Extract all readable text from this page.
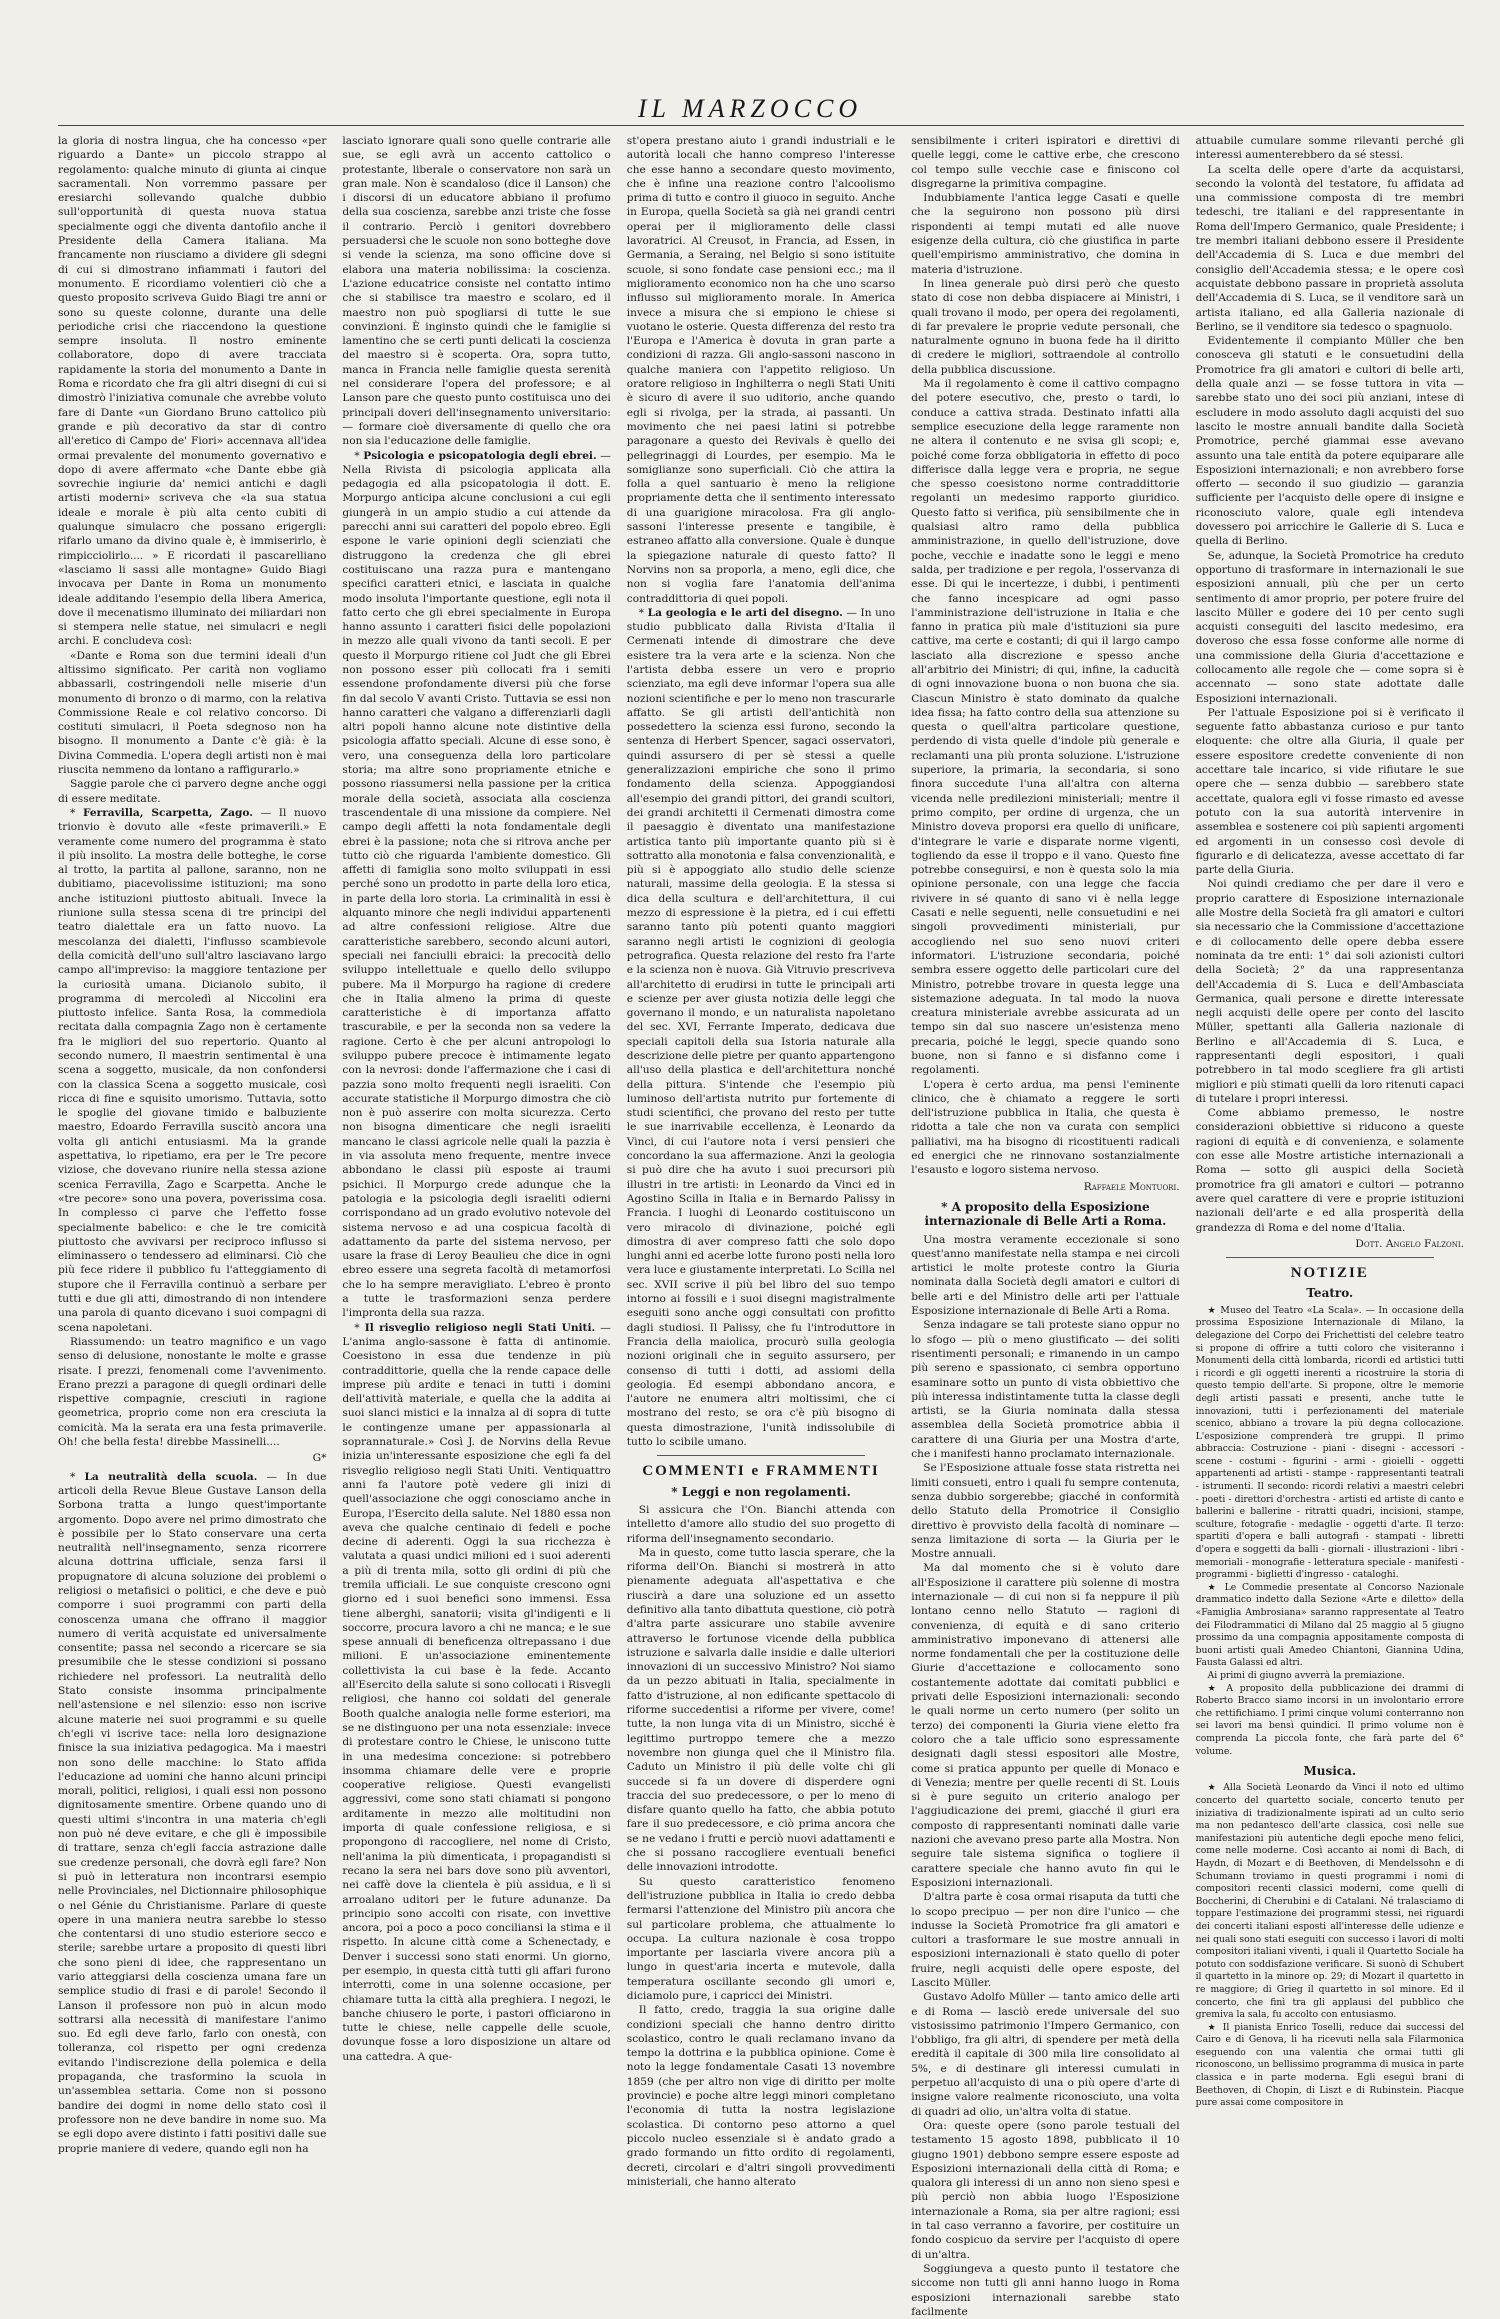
IL MARZOCCO

la gloria di nostra lingua, che ha concesso «per riguardo a Dante» un piccolo strappo al regolamento: qualche minuto di giunta ai cinque sacramentali. Non vorremmo passare per eresiarchi sollevando qualche dubbio sull'opportunità di questa nuova statua specialmente oggi che diventa dantofilo anche il Presidente della Camera italiana. Ma francamente non riusciamo a dividere gli sdegni di cui si dimostrano infiammati i fautori del monumento. E ricordiamo volentieri ciò che a questo proposito scriveva Guido Biagi tre anni or sono su queste colonne, durante una delle periodiche crisi che riaccendono la questione sempre insoluta. Il nostro eminente collaboratore, dopo di avere tracciata rapidamente la storia del monumento a Dante in Roma e ricordato che fra gli altri disegni di cui si dimostrò l'iniziativa comunale che avrebbe voluto fare di Dante «un Giordano Bruno cattolico più grande e più decorativo da star di contro all'eretico di Campo de' Fiori» accennava all'idea ormai prevalente del monumento governativo e dopo di avere affermato «che Dante ebbe già sovrechie ingiurie da' nemici antichi e dagli artisti moderni» scriveva che «la sua statua ideale e morale è più alta cento cubiti di qualunque simulacro che possano erigergli: rifarlo umano da divino quale è, è immiserirlo, è rimpicciolirlo.... » E ricordati il pascarelliano «lasciamo li sassi alle montagne» Guido Biagi invocava per Dante in Roma un monumento ideale additando l'esempio della libera America, dove il mecenatismo illuminato dei miliardari non si stempera nelle statue, nei simulacri e negli archi. E concludeva così:

«Dante e Roma son due termini ideali d'un altissimo significato. Per carità non vogliamo abbassarli, costringendoli nelle miserie d'un monumento di bronzo o di marmo, con la relativa Commissione Reale e col relativo concorso. Di costituti simulacri, il Poeta sdegnoso non ha bisogno. Il monumento a Dante c'è già: è la Divina Commedia. L'opera degli artisti non è mai riuscita nemmeno da lontano a raffigurarlo.»

Saggie parole che ci parvero degne anche oggi di essere meditate.

* Ferravilla, Scarpetta, Zago. — Il nuovo trionvio è dovuto alle «feste primaverili.» E veramente come numero del programma è stato il più insolito. La mostra delle botteghe, le corse al trotto, la partita al pallone, saranno, non ne dubitiamo, piacevolissime istituzioni; ma sono anche istituzioni piuttosto abituali. Invece la riunione sulla stessa scena di tre principi del teatro dialettale era un fatto nuovo. La mescolanza dei dialetti, l'influsso scambievole della comicità dell'uno sull'altro lasciavano largo campo all'impreviso: la maggiore tentazione per la curiosità umana. Dicianolo subito, il programma di mercoledì al Niccolini era piuttosto infelice. Santa Rosa, la commediola recitata dalla compagnia Zago non è certamente fra le migliori del suo repertorio. Quanto al secondo numero, Il maestrin sentimental è una scena a soggetto, musicale, da non confondersi con la classica Scena a soggetto musicale, così ricca di fine e squisito umorismo. Tuttavia, sotto le spoglie del giovane timido e balbuziente maestro, Edoardo Ferravilla suscitò ancora una volta gli antichi entusiasmi. Ma la grande aspettativa, lo ripetiamo, era per le Tre pecore viziose, che dovevano riunire nella stessa azione scenica Ferravilla, Zago e Scarpetta. Anche le «tre pecore» sono una povera, poverissima cosa. In complesso ci parve che l'effetto fosse specialmente babelico: e che le tre comicità piuttosto che avvivarsi per reciproco influsso si eliminassero o tendessero ad eliminarsi. Ciò che più fece ridere il pubblico fu l'atteggiamento di stupore che il Ferravilla continuò a serbare per tutti e due gli atti, dimostrando di non intendere una parola di quanto dicevano i suoi compagni di scena napoletani.

Riassumendo: un teatro magnifico e un vago senso di delusione, nonostante le molte e grasse risate. I prezzi, fenomenali come l'avvenimento. Erano prezzi a paragone di quegli ordinari delle rispettive compagnie, cresciuti in ragione geometrica, proprio come non era cresciuta la comicità. Ma la serata era una festa primaverile. Oh! che bella festa! direbbe Massinelli....

G*

* La neutralità della scuola. — In due articoli della Revue Bleue Gustave Lanson della Sorbona tratta a lungo quest'importante argomento. Dopo avere nel primo dimostrato che è possibile per lo Stato conservare una certa neutralità nell'insegnamento, senza ricorrere alcuna dottrina ufficiale, senza farsi il propugnatore di alcuna soluzione dei problemi o religiosi o metafisici o politici, e che deve e può comporre i suoi programmi con parti della conoscenza umana che offrano il maggior numero di verità acquistate ed universalmente consentite; passa nel secondo a ricercare se sia presumibile che le stesse condizioni si possano richiedere nel professori. La neutralità dello Stato consiste insomma principalmente nell'astensione e nel silenzio: esso non iscrive alcune materie nei suoi programmi e su quelle ch'egli vi iscrive tace: nella loro designazione finisce la sua iniziativa pedagogica. Ma i maestri non sono delle macchine: lo Stato affida l'educazione ad uomini che hanno alcuni principi morali, politici, religiosi, i quali essi non possono dignitosamente smentire. Orbene quando uno di questi ultimi s'incontra in una materia ch'egli non può né deve evitare, e che gli è impossibile di trattare, senza ch'egli faccia astrazione dalle sue credenze personali, che dovrà egli fare? Non si può in letteratura non incontrarsi esempio nelle Provinciales, nel Dictionnaire philosophique o nel Génie du Christianisme. Parlare di queste opere in una maniera neutra sarebbe lo stesso che contentarsi di uno studio esteriore secco e sterile; sarebbe urtare a proposito di questi libri che sono pieni di idee, che rappresentano un vario atteggiarsi della coscienza umana fare un semplice studio di frasi e di parole! Secondo il Lanson il professore non può in alcun modo sottrarsi alla necessità di manifestare l'animo suo. Ed egli deve farlo, farlo con onestà, con tolleranza, col rispetto per ogni credenza evitando l'indiscrezione della polemica e della propaganda, che trasformino la scuola in un'assemblea settaria. Come non si possono bandire dei dogmi in nome dello stato così il professore non ne deve bandire in nome suo. Ma se egli dopo avere distinto i fatti positivi dalle sue proprie maniere di vedere, quando egli non ha

lasciato ignorare quali sono quelle contrarie alle sue, se egli avrà un accento cattolico o protestante, liberale o conservatore non sarà un gran male. Non è scandaloso (dice il Lanson) che i discorsi di un educatore abbiano il profumo della sua coscienza, sarebbe anzi triste che fosse il contrario. Perciò i genitori dovrebbero persuadersi che le scuole non sono botteghe dove si vende la scienza, ma sono officine dove si elabora una materia nobilissima: la coscienza. L'azione educatrice consiste nel contatto intimo che si stabilisce tra maestro e scolaro, ed il maestro non può spogliarsi di tutte le sue convinzioni. È inginsto quindi che le famiglie si lamentino che se certi punti delicati la coscienza del maestro si è scoperta. Ora, sopra tutto, manca in Francia nelle famiglie questa serenità nel considerare l'opera del professore; e al Lanson pare che questo punto costituisca uno dei principali doveri dell'insegnamento universitario: — formare cioè diversamente di quello che ora non sia l'educazione delle famiglie.

* Psicologia e psicopatologia degli ebrei. — Nella Rivista di psicologia applicata alla pedagogia ed alla psicopatologia il dott. E. Morpurgo anticipa alcune conclusioni a cui egli giungerà in un ampio studio a cui attende da parecchi anni sui caratteri del popolo ebreo. Egli espone le varie opinioni degli scienziati che distruggono la credenza che gli ebrei costituiscano una razza pura e mantengano specifici caratteri etnici, e lasciata in qualche modo insoluta l'importante questione, egli nota il fatto certo che gli ebrei specialmente in Europa hanno assunto i caratteri fisici delle popolazioni in mezzo alle quali vivono da tanti secoli. E per questo il Morpurgo ritiene col Judt che gli Ebrei non possono esser più collocati fra i semiti essendone profondamente diversi più che forse fin dal secolo V avanti Cristo. Tuttavia se essi non hanno caratteri che valgano a differenziarli dagli altri popoli hanno alcune note distintive della psicologia affatto speciali. Alcune di esse sono, è vero, una conseguenza della loro particolare storia; ma altre sono propriamente etniche e possono riassumersi nella passione per la critica morale della società, associata alla coscienza trascendentale di una missione da compiere. Nel campo degli affetti la nota fondamentale degli ebrei è la passione; nota che si ritrova anche per tutto ciò che riguarda l'ambiente domestico. Gli affetti di famiglia sono molto sviluppati in essi perché sono un prodotto in parte della loro etica, in parte della loro storia. La criminalità in essi è alquanto minore che negli individui appartenenti ad altre confessioni religiose. Altre due caratteristiche sarebbero, secondo alcuni autori, speciali nei fanciulli ebraici: la precocità dello sviluppo intellettuale e quello dello sviluppo pubere. Ma il Morpurgo ha ragione di credere che in Italia almeno la prima di queste caratteristiche è di importanza affatto trascurabile, e per la seconda non sa vedere la ragione. Certo è che per alcuni antropologi lo sviluppo pubere precoce è intimamente legato con la nevrosi: donde l'affermazione che i casi di pazzia sono molto frequenti negli israeliti. Con accurate statistiche il Morpurgo dimostra che ciò non è può asserire con molta sicurezza. Certo non bisogna dimenticare che negli israeliti mancano le classi agricole nelle quali la pazzia è in via assoluta meno frequente, mentre invece abbondano le classi più esposte ai traumi psichici. Il Morpurgo crede adunque che la patologia e la psicologia degli israeliti odierni corrispondano ad un grado evolutivo notevole del sistema nervoso e ad una cospicua facoltà di adattamento da parte del sistema nervoso, per usare la frase di Leroy Beaulieu che dice in ogni ebreo essere una segreta facoltà di metamorfosi che lo ha sempre meravigliato. L'ebreo è pronto a tutte le trasformazioni senza perdere l'impronta della sua razza.

* Il risveglio religioso negli Stati Uniti. — L'anima anglo-sassone è fatta di antinomie. Coesistono in essa due tendenze in più contraddittorie, quella che la rende capace delle imprese più ardite e tenaci in tutti i domini dell'attività materiale, e quella che la addita ai suoi slanci mistici e la innalza al di sopra di tutte le contingenze umane per appassionarla al soprannaturale.» Così J. de Norvins della Revue inizia un'interessante esposizione che egli fa del risveglio religioso negli Stati Uniti. Ventiquattro anni fa l'autore potè vedere gli inizi di quell'associazione che oggi conosciamo anche in Europa, l'Esercito della salute. Nel 1880 essa non aveva che qualche centinaio di fedeli e poche decine di aderenti. Oggi la sua ricchezza è valutata a quasi undici milioni ed i suoi aderenti a più di trenta mila, sotto gli ordini di più che tremila ufficiali. Le sue conquiste crescono ogni giorno ed i suoi benefici sono immensi. Essa tiene alberghi, sanatorii; visita gl'indigenti e li soccorre, procura lavoro a chi ne manca; e le sue spese annuali di beneficenza oltrepassano i due milioni. E un'associazione eminentemente collettivista la cui base è la fede. Accanto all'Esercito della salute si sono collocati i Risvegli religiosi, che hanno coi soldati del generale Booth qualche analogia nelle forme esteriori, ma se ne distinguono per una nota essenziale: invece di protestare contro le Chiese, le uniscono tutte in una medesima concezione: si potrebbero insomma chiamare delle vere e proprie cooperative religiose. Questi evangelisti aggressivi, come sono stati chiamati si pongono arditamente in mezzo alle moltitudini non importa di quale confessione religiosa, e si propongono di raccogliere, nel nome di Cristo, nell'anima la più dimenticata, i propagandisti si recano la sera nei bars dove sono più avventori, nei caffè dove la clientela è più assidua, e lì si arroalano uditori per le future adunanze. Da principio sono accolti con risate, con invettive ancora, poi a poco a poco conciliansi la stima e il rispetto. In alcune città come a Schenectady, e Denver i successi sono stati enormi. Un giorno, per esempio, in questa città tutti gli affari furono interrotti, come in una solenne occasione, per chiamare tutta la città alla preghiera. I negozi, le banche chiusero le porte, i pastori officiarono in tutte le chiese, nelle cappelle delle scuole, dovunque fosse a loro disposizione un altare od una cattedra. A que-

st'opera prestano aiuto i grandi industriali e le autorità locali che hanno compreso l'interesse che esse hanno a secondare questo movimento, che è infine una reazione contro l'alcoolismo prima di tutto e contro il giuoco in seguito. Anche in Europa, quella Società sa già nei grandi centri operai per il miglioramento delle classi lavoratrici. Al Creusot, in Francia, ad Essen, in Germania, a Seraing, nel Belgio si sono istituite scuole, si sono fondate case pensioni ecc.; ma il miglioramento economico non ha che uno scarso influsso sul miglioramento morale. In America invece a misura che si empiono le chiese si vuotano le osterie. Questa differenza del resto tra l'Europa e l'America è dovuta in gran parte a condizioni di razza. Gli anglo-sassoni nascono in qualche maniera con l'appetito religioso. Un oratore religioso in Inghilterra o negli Stati Uniti è sicuro di avere il suo uditorio, anche quando egli si rivolga, per la strada, ai passanti. Un movimento che nei paesi latini si potrebbe paragonare a questo dei Revivals è quello dei pellegrinaggi di Lourdes, per esempio. Ma le somiglianze sono superficiali. Ciò che attira la folla a quel santuario è meno la religione propriamente detta che il sentimento interessato di una guarigione miracolosa. Fra gli anglo-sassoni l'interesse presente e tangibile, è estraneo affatto alla conversione. Quale è dunque la spiegazione naturale di questo fatto? Il Norvins non sa proporla, a meno, egli dice, che non si voglia fare l'anatomia dell'anima contraddittoria di quei popoli.

* La geologia e le arti del disegno. — In uno studio pubblicato dalla Rivista d'Italia il Cermenati intende di dimostrare che deve esistere tra la vera arte e la scienza. Non che l'artista debba essere un vero e proprio scienziato, ma egli deve informar l'opera sua alle nozioni scientifiche e per lo meno non trascurarle affatto. Se gli artisti dell'antichità non possedettero la scienza essi furono, secondo la sentenza di Herbert Spencer, sagaci osservatori, quindi assursero di per sè stessi a quelle generalizzazioni empiriche che sono il primo fondamento della scienza. Appoggiandosi all'esempio dei grandi pittori, dei grandi scultori, dei grandi architetti il Cermenati dimostra come il paesaggio è diventato una manifestazione artistica tanto più importante quanto più si è sottratto alla monotonia e falsa convenzionalità, e più si è appoggiato allo studio delle scienze naturali, massime della geologia. E la stessa si dica della scultura e dell'architettura, il cui mezzo di espressione è la pietra, ed i cui effetti saranno tanto più potenti quanto maggiori saranno negli artisti le cognizioni di geologia petrografica. Questa relazione del resto fra l'arte e la scienza non è nuova. Già Vitruvio prescriveva all'architetto di erudirsi in tutte le principali arti e scienze per aver giusta notizia delle leggi che governano il mondo, e un naturalista napoletano del sec. XVI, Ferrante Imperato, dedicava due speciali capitoli della sua Istoria naturale alla descrizione delle pietre per quanto appartengono all'uso della plastica e dell'architettura nonché della pittura. S'intende che l'esempio più luminoso dell'artista nutrito pur fortemente di studi scientifici, che provano del resto per tutte le sue inarrivabile eccellenza, è Leonardo da Vinci, di cui l'autore nota i versi pensieri che concordano la sua affermazione. Anzi la geologia si può dire che ha avuto i suoi precursori più illustri in tre artisti: in Leonardo da Vinci ed in Agostino Scilla in Italia e in Bernardo Palissy in Francia. I luoghi di Leonardo costituiscono un vero miracolo di divinazione, poiché egli dimostra di aver compreso fatti che solo dopo lunghi anni ed acerbe lotte furono posti nella loro vera luce e giustamente interpretati. Lo Scilla nel sec. XVII scrive il più bel libro del suo tempo intorno ai fossili e i suoi disegni magistralmente eseguiti sono anche oggi consultati con profitto dagli studiosi. Il Palissy, che fu l'introduttore in Francia della maiolica, procurò sulla geologia nozioni originali che in seguito assursero, per consenso di tutti i dotti, ad assiomi della geologia. Ed esempi abbondano ancora, e l'autore ne enumera altri moltissimi, che ci mostrano del resto, se ora c'è più bisogno di questa dimostrazione, l'unità indissolubile di tutto lo scibile umano.

COMMENTI e FRAMMENTI
* Leggi e non regolamenti.

Si assicura che l'On. Bianchi attenda con intelletto d'amore allo studio del suo progetto di riforma dell'insegnamento secondario.

Ma in questo, come tutto lascia sperare, che la riforma dell'On. Bianchi si mostrerà in atto pienamente adeguata all'aspettativa e che riuscirà a dare una soluzione ed un assetto definitivo alla tanto dibattuta questione, ciò potrà d'altra parte assicurare uno stabile avvenire attraverso le fortunose vicende della pubblica istruzione e salvarla dalle insidie e dalle ulteriori innovazioni di un successivo Ministro? Noi siamo da un pezzo abituati in Italia, specialmente in fatto d'istruzione, al non edificante spettacolo di riforme succedentisi a riforme per vivere, come! tutte, la non lunga vita di un Ministro, sicché è legittimo purtroppo temere che a mezzo novembre non giunga quel che il Ministro fila. Caduto un Ministro il più delle volte chi gli succede si fa un dovere di disperdere ogni traccia del suo predecessore, o per lo meno di disfare quanto quello ha fatto, che abbia potuto fare il suo predecessore, e ciò prima ancora che se ne vedano i frutti e perciò nuovi adattamenti e che si possano raccogliere eventuali benefici delle innovazioni introdotte.

Su questo caratteristico fenomeno dell'istruzione pubblica in Italia io credo debba fermarsi l'attenzione del Ministro più ancora che sul particolare problema, che attualmente lo occupa. La cultura nazionale è cosa troppo importante per lasciarla vivere ancora più a lungo in quest'aria incerta e mutevole, dalla temperatura oscillante secondo gli umori e, diciamolo pure, i capricci dei Ministri.

Il fatto, credo, traggia la sua origine dalle condizioni speciali che hanno dentro diritto scolastico, contro le quali reclamano invano da tempo la dottrina e la pubblica opinione. Come è noto la legge fondamentale Casati 13 novembre 1859 (che per altro non vige di diritto per molte provincie) e poche altre leggi minori completano l'economia di tutta la nostra legislazione scolastica. Di contorno peso attorno a quel piccolo nucleo essenziale si è andato grado a grado formando un fitto ordito di regolamenti, decreti, circolari e d'altri singoli provvedimenti ministeriali, che hanno alterato

sensibilmente i criteri ispiratori e direttivi di quelle leggi, come le cattive erbe, che crescono col tempo sulle vecchie case e finiscono col disgregarne la primitiva compagine.

Indubbiamente l'antica legge Casati e quelle che la seguirono non possono più dirsi rispondenti ai tempi mutati ed alle nuove esigenze della cultura, ciò che giustifica in parte quell'empirismo amministrativo, che domina in materia d'istruzione.

In linea generale può dirsi però che questo stato di cose non debba dispiacere ai Ministri, i quali trovano il modo, per opera dei regolamenti, di far prevalere le proprie vedute personali, che naturalmente ognuno in buona fede ha il diritto di credere le migliori, sottraendole al controllo della pubblica discussione.

Ma il regolamento è come il cattivo compagno del potere esecutivo, che, presto o tardi, lo conduce a cattiva strada. Destinato infatti alla semplice esecuzione della legge raramente non ne altera il contenuto e ne svisa gli scopi; e, poiché come forza obbligatoria in effetto di poco differisce dalla legge vera e propria, ne segue che spesso coesistono norme contraddittorie regolanti un medesimo rapporto giuridico. Questo fatto si verifica, più sensibilmente che in qualsiasi altro ramo della pubblica amministrazione, in quello dell'istruzione, dove poche, vecchie e inadatte sono le leggi e meno salda, per tradizione e per regola, l'osservanza di esse. Di qui le incertezze, i dubbi, i pentimenti che fanno incespicare ad ogni passo l'amministrazione dell'istruzione in Italia e che fanno in pratica più male d'istituzioni sia pure cattive, ma certe e costanti; di qui il largo campo lasciato alla discrezione e spesso anche all'arbitrio dei Ministri; di qui, infine, la caducità di ogni innovazione buona o non buona che sia. Ciascun Ministro è stato dominato da qualche idea fissa; ha fatto contro della sua attenzione su questa o quell'altra particolare questione, perdendo di vista quelle d'indole più generale e reclamanti una più pronta soluzione. L'istruzione superiore, la primaria, la secondaria, si sono finora succedute l'una all'altra con alterna vicenda nelle predilezioni ministeriali; mentre il primo compito, per ordine di urgenza, che un Ministro doveva proporsi era quello di unificare, d'integrare le varie e disparate norme vigenti, togliendo da esse il troppo e il vano. Questo fine potrebbe conseguirsi, e non è questa solo la mia opinione personale, con una legge che faccia rivivere in sé quanto di sano vi è nella legge Casati e nelle seguenti, nelle consuetudini e nei singoli provvedimenti ministeriali, pur accogliendo nel suo seno nuovi criteri informatori. L'istruzione secondaria, poiché sembra essere oggetto delle particolari cure del Ministro, potrebbe trovare in questa legge una sistemazione adeguata. In tal modo la nuova creatura ministeriale avrebbe assicurata ad un tempo sin dal suo nascere un'esistenza meno precaria, poiché le leggi, specie quando sono buone, non si fanno e si disfanno come i regolamenti.

L'opera è certo ardua, ma pensi l'eminente clinico, che è chiamato a reggere le sorti dell'istruzione pubblica in Italia, che questa è ridotta a tale che non va curata con semplici palliativi, ma ha bisogno di ricostituenti radicali ed energici che ne rinnovano sostanzialmente l'esausto e logoro sistema nervoso.

Raffaele Montuori.
* A proposito della Esposizione internazionale di Belle Arti a Roma.

Una mostra veramente eccezionale si sono quest'anno manifestate nella stampa e nei circoli artistici le molte proteste contro la Giuria nominata dalla Società degli amatori e cultori di belle arti e del Ministro delle arti per l'attuale Esposizione internazionale di Belle Arti a Roma.

Senza indagare se tali proteste siano oppur no lo sfogo — più o meno giustificato — dei soliti risentimenti personali; e rimanendo in un campo più sereno e spassionato, ci sembra opportuno esaminare sotto un punto di vista obbiettivo che più interessa indistintamente tutta la classe degli artisti, se la Giuria nominata dalla stessa assemblea della Società promotrice abbia il carattere di una Giuria per una Mostra d'arte, che i manifesti hanno proclamato internazionale.

Se l'Esposizione attuale fosse stata ristretta nei limiti consueti, entro i quali fu sempre contenuta, senza dubbio sorgerebbe; giacché in conformità dello Statuto della Promotrice il Consiglio direttivo è provvisto della facoltà di nominare — senza limitazione di sorta — la Giuria per le Mostre annuali.

Ma dal momento che si è voluto dare all'Esposizione il carattere più solenne di mostra internazionale — di cui non si fa neppure il più lontano cenno nello Statuto — ragioni di convenienza, di equità e di sano criterio amministrativo imponevano di attenersi alle norme fondamentali che per la costituzione delle Giurie d'accettazione e collocamento sono costantemente adottate dai comitati pubblici e privati delle Esposizioni internazionali: secondo le quali norme un certo numero (per solito un terzo) dei componenti la Giuria viene eletto fra coloro che a tale ufficio sono espressamente designati dagli stessi espositori alle Mostre, come si pratica appunto per quelle di Monaco e di Venezia; mentre per quelle recenti di St. Louis si è pure seguito un criterio analogo per l'aggiudicazione dei premi, giacché il giuri era composto di rappresentanti nominati dalle varie nazioni che avevano preso parte alla Mostra. Non seguire tale sistema significa o togliere il carattere speciale che hanno avuto fin qui le Esposizioni internazionali.

D'altra parte è cosa ormai risaputa da tutti che lo scopo precipuo — per non dire l'unico — che indusse la Società Promotrice fra gli amatori e cultori a trasformare le sue mostre annuali in esposizioni internazionali è stato quello di poter fruire, negli acquisti delle opere esposte, del Lascito Müller.

Gustavo Adolfo Müller — tanto amico delle arti e di Roma — lasciò erede universale del suo vistosissimo patrimonio l'Impero Germanico, con l'obbligo, fra gli altri, di spendere per metà della eredità il capitale di 300 mila lire consolidato al 5%, e di destinare gli interessi cumulati in perpetuo all'acquisto di una o più opere d'arte di insigne valore realmente riconosciuto, una volta di quadri ad olio, un'altra volta di statue.

Ora: queste opere (sono parole testuali del testamento 15 agosto 1898, pubblicato il 10 giugno 1901) debbono sempre essere esposte ad Esposizioni internazionali della città di Roma; e qualora gli interessi di un anno non sieno spesi e più perciò non abbia luogo l'Esposizione internazionale a Roma, sia per altre ragioni; essi in tal caso verranno a favorire, per costituire un fondo cospicuo da servire per l'acquisto di opere di un'altra.

Soggiungeva a questo punto il testatore che siccome non tutti gli anni hanno luogo in Roma esposizioni internazionali sarebbe stato facilmente

attuabile cumulare somme rilevanti perché gli interessi aumenterebbero da sé stessi.

La scelta delle opere d'arte da acquistarsi, secondo la volontà del testatore, fu affidata ad una commissione composta di tre membri tedeschi, tre italiani e del rappresentante in Roma dell'Impero Germanico, quale Presidente; i tre membri italiani debbono essere il Presidente dell'Accademia di S. Luca e due membri del consiglio dell'Accademia stessa; e le opere così acquistate debbono passare in proprietà assoluta dell'Accademia di S. Luca, se il venditore sarà un artista italiano, ed alla Galleria nazionale di Berlino, se il venditore sia tedesco o spagnuolo.

Evidentemente il compianto Müller che ben conosceva gli statuti e le consuetudini della Promotrice fra gli amatori e cultori di belle arti, della quale anzi — se fosse tuttora in vita — sarebbe stato uno dei soci più anziani, intese di escludere in modo assoluto dagli acquisti del suo lascito le mostre annuali bandite dalla Società Promotrice, perché giammai esse avevano assunto una tale entità da potere equiparare alle Esposizioni internazionali; e non avrebbero forse offerto — secondo il suo giudizio — garanzia sufficiente per l'acquisto delle opere di insigne e riconosciuto valore, quale egli intendeva dovessero poi arricchire le Gallerie di S. Luca e quella di Berlino.

Se, adunque, la Società Promotrice ha creduto opportuno di trasformare in internazionali le sue esposizioni annuali, più che per un certo sentimento di amor proprio, per potere fruire del lascito Müller e godere dei 10 per cento sugli acquisti conseguiti del lascito medesimo, era doveroso che essa fosse conforme alle norme di una commissione della Giuria d'accettazione e collocamento alle regole che — come sopra si è accennato — sono state adottate dalle Esposizioni internazionali.

Per l'attuale Esposizione poi si è verificato il seguente fatto abbastanza curioso e pur tanto eloquente: che oltre alla Giuria, il quale per essere espositore credette conveniente di non accettare tale incarico, si vide rifiutare le sue opere che — senza dubbio — sarebbero state accettate, qualora egli vi fosse rimasto ed avesse potuto con la sua autorità intervenire in assemblea e sostenere coi più sapienti argomenti ed argomenti in un consesso così devole di figurarlo e di delicatezza, avesse accettato di far parte della Giuria.

Noi quindi crediamo che per dare il vero e proprio carattere di Esposizione internazionale alle Mostre della Società fra gli amatori e cultori sia necessario che la Commissione d'accettazione e di collocamento delle opere debba essere nominata da tre enti: 1° dai soli azionisti cultori della Società; 2° da una rappresentanza dell'Accademia di S. Luca e dell'Ambasciata Germanica, quali persone e dirette interessate negli acquisti delle opere per conto del lascito Müller, spettanti alla Galleria nazionale di Berlino e all'Accademia di S. Luca, e rappresentanti degli espositori, i quali potrebbero in tal modo scegliere fra gli artisti migliori e più stimati quelli da loro ritenuti capaci di tutelare i propri interessi.

Come abbiamo premesso, le nostre considerazioni obbiettive si riducono a queste ragioni di equità e di convenienza, e solamente con esse alle Mostre artistiche internazionali a Roma — sotto gli auspici della Società promotrice fra gli amatori e cultori — potranno avere quel carattere di vere e proprie istituzioni nazionali dell'arte e ed alla prosperità della grandezza di Roma e del nome d'Italia.

Dott. Angelo Falzoni.
NOTIZIE
Teatro.

★ Museo del Teatro «La Scala». — In occasione della prossima Esposizione Internazionale di Milano, la delegazione del Corpo dei Frichettisti del celebre teatro si propone di offrire a tutti coloro che visiteranno i Monumenti della città lombarda, ricordi ed artistici tutti i ricordi e gli oggetti inerenti a ricostruire la storia di questo tempio dell'arte. Si propone, oltre le memorie degli artisti passati e presenti, anche tutte le innovazioni, tutti i perfezionamenti del materiale scenico, abbiano a trovare la più degna collocazione. L'esposizione comprenderà tre gruppi. Il primo abbraccia: Costruzione - piani - disegni - accessori - scene - costumi - figurini - armi - gioielli - oggetti appartenenti ad artisti - stampe - rappresentanti teatrali - istrumenti. Il secondo: ricordi relativi a maestri celebri - poeti - direttori d'orchestra - artisti ed artiste di canto e ballerini e ballerine - ritratti quadri, incisioni, stampe, sculture, fotografie - medaglie - oggetti d'arte. Il terzo: spartiti d'opera e balli autografi - stampati - libretti d'opera e soggetti da balli - giornali - illustrazioni - libri - memoriali - monografie - letteratura speciale - manifesti - programmi - biglietti d'ingresso - cataloghi.

★ Le Commedie presentate al Concorso Nazionale drammatico indetto dalla Sezione «Arte e diletto» della «Famiglia Ambrosiana» saranno rappresentate al Teatro dei Filodrammatici di Milano dal 25 maggio al 5 giugno prossimo da una compagnia appositamente composta di buoni artisti quali Amedeo Chiantoni, Giannina Udina, Fausta Galassi ed altri.

Ai primi di giugno avverrà la premiazione.

★ A proposito della pubblicazione dei drammi di Roberto Bracco siamo incorsi in un involontario errore che rettifichiamo. I primi cinque volumi conterranno non sei lavori ma bensì quindici. Il primo volume non è comprenda La piccola fonte, che farà parte del 6° volume.

Musica.

★ Alla Società Leonardo da Vinci il noto ed ultimo concerto del quartetto sociale, concerto tenuto per iniziativa di tradizionalmente ispirati ad un culto serio ma non pedantesco dell'arte classica, cosi nelle sue manifestazioni più autentiche degli epoche meno felici, come nelle moderne. Così accanto ai nomi di Bach, di Haydn, di Mozart e di Beethoven, di Mendelssohn e di Schumann troviamo in questi programmi i nomi di compositori recenti classici moderni, come quelli di Boccherini, di Cherubini e di Catalani. Né tralasciamo di toppare l'estimazione dei programmi stessi, nei riguardi dei concerti italiani esposti all'interesse delle udienze e nei quali sono stati eseguiti con successo i lavori di molti compositori italiani viventi, i quali il Quartetto Sociale ha potuto con soddisfazione verificare. Si suonò di Schubert il quartetto in la minore op. 29; di Mozart il quartetto in re maggiore; di Grieg il quartetto in sol minore. Ed il concerto, che finì tra gli applausi del pubblico che gremiva la sala, fu accolto con entusiasmo.

★ Il pianista Enrico Toselli, reduce dai successi del Cairo e di Genova, li ha ricevuti nella sala Filarmonica eseguendo con una valentia che ormai tutti gli riconoscono, un bellissimo programma di musica in parte classica e in parte moderna. Egli eseguì brani di Beethoven, di Chopin, di Liszt e di Rubinstein. Piacque pure assai come compositore in
